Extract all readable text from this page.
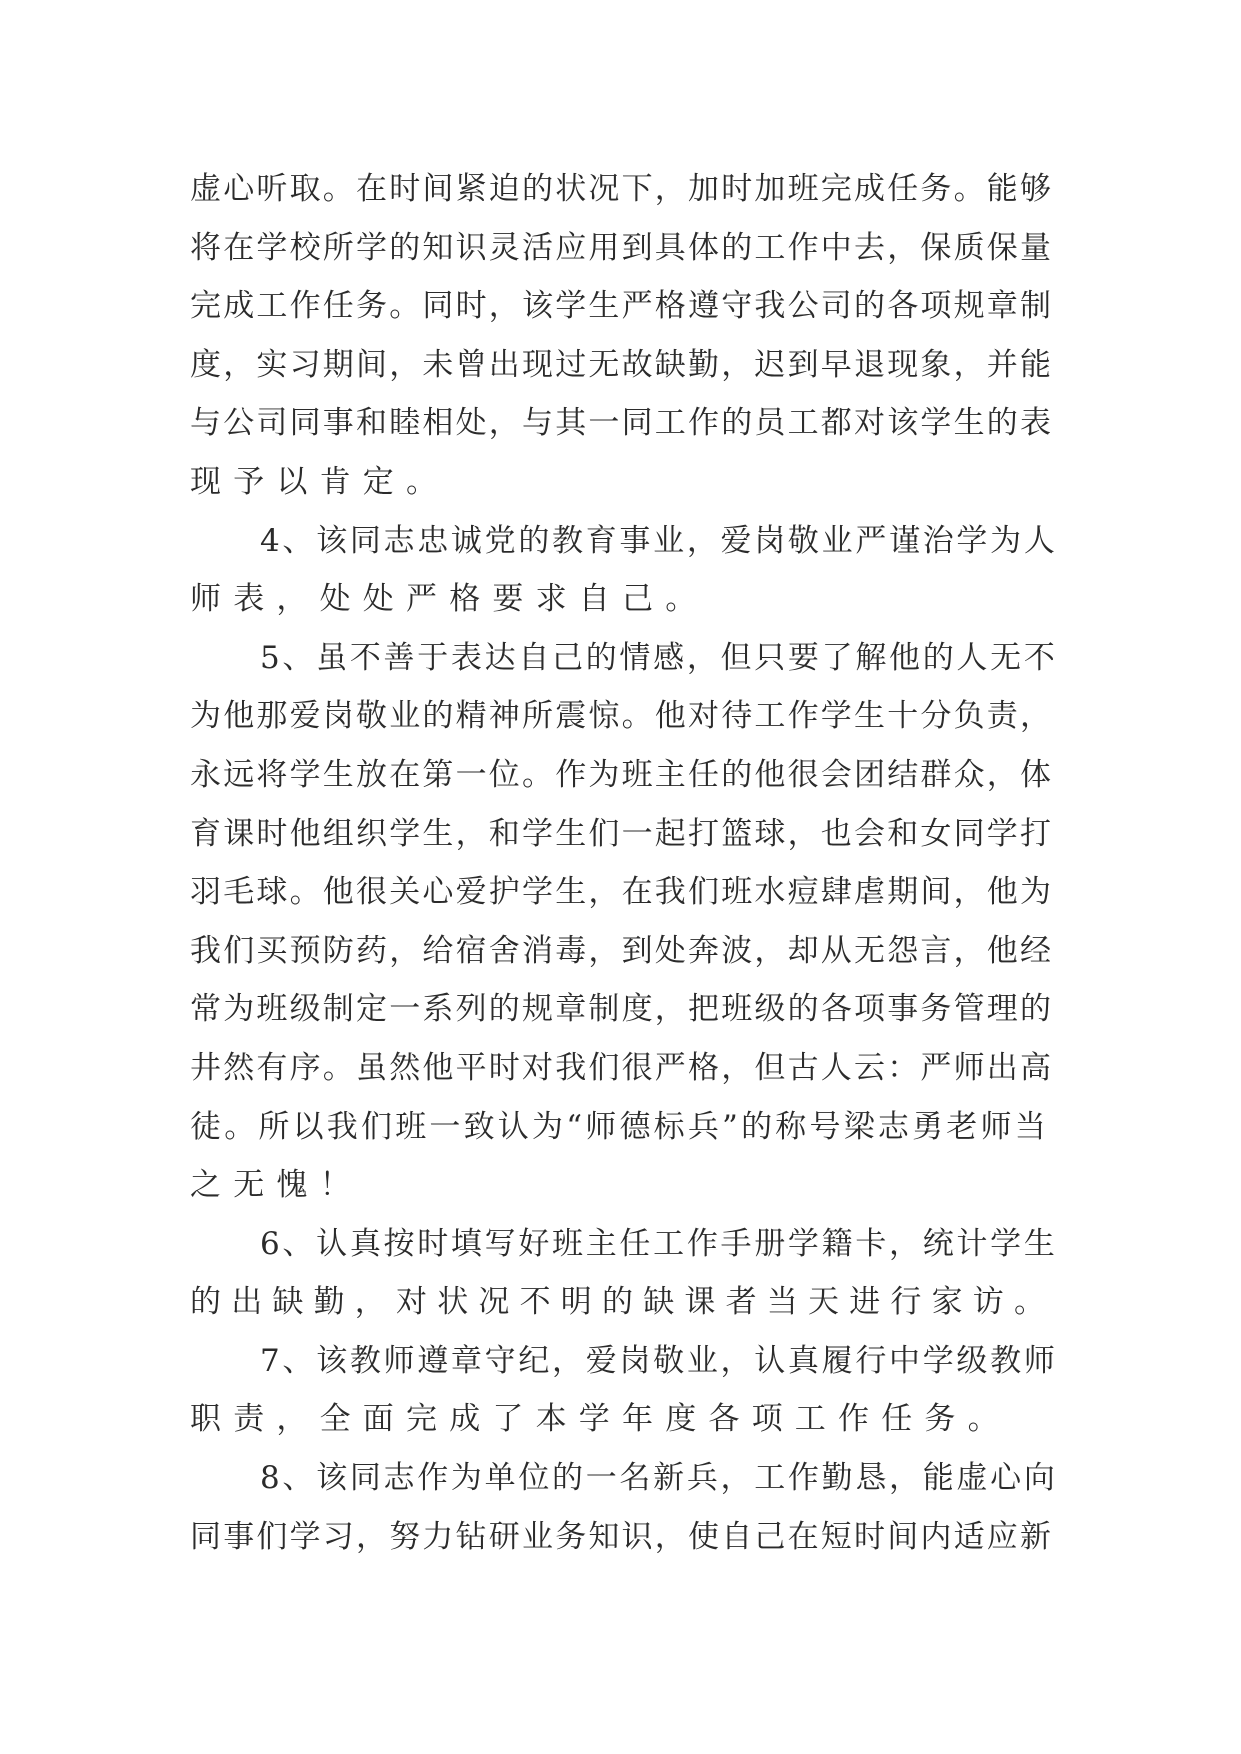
虚心听取。在时间紧迫的状况下，加时加班完成任务。能够
将在学校所学的知识灵活应用到具体的工作中去，保质保量
完成工作任务。同时，该学生严格遵守我公司的各项规章制
度，实习期间，未曾出现过无故缺勤，迟到早退现象，并能
与公司同事和睦相处，与其一同工作的员工都对该学生的表
现予以肯定。
4、该同志忠诚党的教育事业，爱岗敬业严谨治学为人
师表，处处严格要求自己。
5、虽不善于表达自己的情感，但只要了解他的人无不
为他那爱岗敬业的精神所震惊。他对待工作学生十分负责，
永远将学生放在第一位。作为班主任的他很会团结群众，体
育课时他组织学生，和学生们一起打篮球，也会和女同学打
羽毛球。他很关心爱护学生，在我们班水痘肆虐期间，他为
我们买预防药，给宿舍消毒，到处奔波，却从无怨言，他经
常为班级制定一系列的规章制度，把班级的各项事务管理的
井然有序。虽然他平时对我们很严格，但古人云：严师出高
徒。所以我们班一致认为“师德标兵”的称号梁志勇老师当
之无愧！
6、认真按时填写好班主任工作手册学籍卡，统计学生
的出缺勤，对状况不明的缺课者当天进行家访。
7、该教师遵章守纪，爱岗敬业，认真履行中学级教师
职责，全面完成了本学年度各项工作任务。
8、该同志作为单位的一名新兵，工作勤恳，能虚心向
同事们学习，努力钻研业务知识，使自己在短时间内适应新
